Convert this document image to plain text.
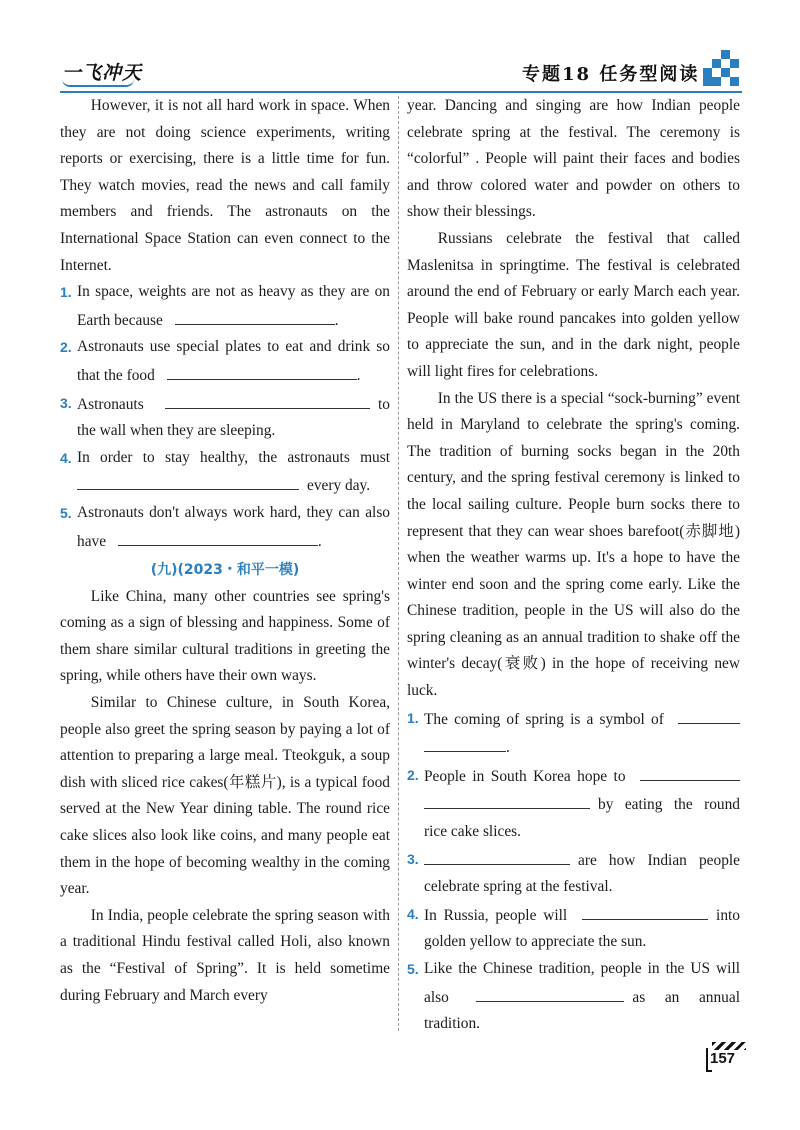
一飞冲天	专题18 任务型阅读

However, it is not all hard work in space. When they are not doing science experiments, writing reports or exercising, there is a little time for fun. They watch movies, read the news and call family members and friends. The astronauts on the International Space Station can even connect to the Internet.

1. In space, weights are not as heavy as they are on Earth because	.

2. Astronauts use special plates to eat and drink so that the food	.

3. Astronauts	to the wall when they are sleeping.

4. In order to stay healthy, the astronauts must every day.

5. Astronauts don't always work hard, they can also have	.

(九)(2023・和平一模)

Like China, many other countries see spring's coming as a sign of blessing and happiness. Some of them share similar cultural traditions in greeting the spring, while others have their own ways.

Similar to Chinese culture, in South Korea, people also greet the spring season by paying a lot of attention to preparing a large meal. Tteokguk, a soup dish with sliced rice cakes(年糕片), is a typical food served at the New Year dining table. The round rice cake slices also look like coins, and many people eat them in the hope of becoming wealthy in the coming year.

In India, people celebrate the spring season with a traditional Hindu festival called Holi, also known as the “Festival of Spring”. It is held sometime during February and March every

year. Dancing and singing are how Indian people celebrate spring at the festival. The ceremony is “colorful” . People will paint their faces and bodies and throw colored water and powder on others to show their blessings.

Russians celebrate the festival that called Maslenitsa in springtime. The festival is celebrated around the end of February or early March each year. People will bake round pancakes into golden yellow to appreciate the sun, and in the dark night, people will light fires for celebrations.

In the US there is a special “sock-burning” event held in Maryland to celebrate the spring's coming. The tradition of burning socks began in the 20th century, and the spring festival ceremony is linked to the local sailing culture. People burn socks there to represent that they can wear shoes barefoot(赤脚地) when the weather warms up. It's a hope to have the winter end soon and the spring come early. Like the Chinese tradition, people in the US will also do the spring cleaning as an annual tradition to shake off the winter's decay(衰败) in the hope of receiving new luck.

1. The coming of spring is a symbol of  .

2. People in South Korea hope to  by eating the round rice cake slices.

3.	are how Indian people celebrate spring at the festival.

4. In Russia, people will	into golden yellow to appreciate the sun.

5. Like the Chinese tradition, people in the US will also	as an annual tradition.

157
